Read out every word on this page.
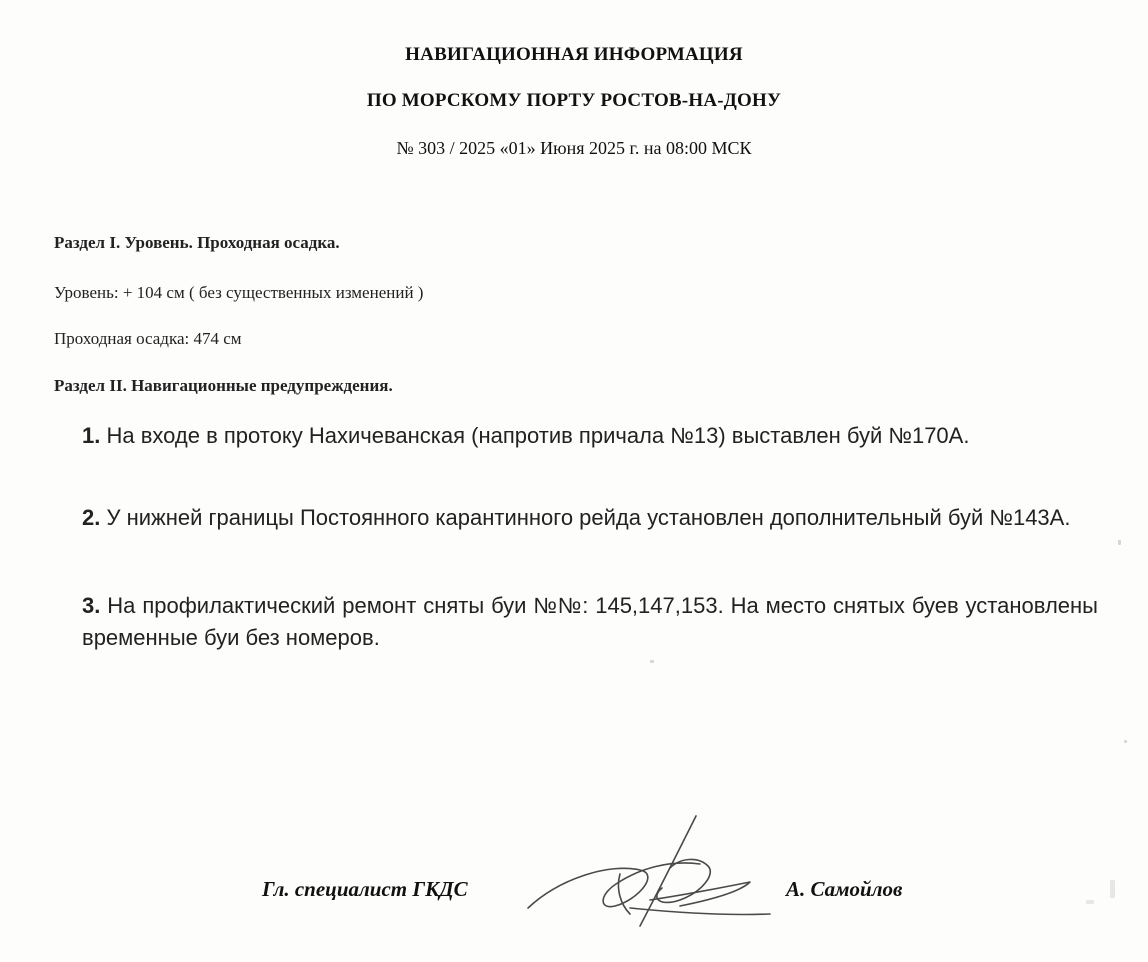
НАВИГАЦИОННАЯ ИНФОРМАЦИЯ
ПО МОРСКОМУ ПОРТУ РОСТОВ-НА-ДОНУ
№ 303 / 2025 «01» Июня 2025 г. на 08:00 МСК
Раздел I. Уровень. Проходная осадка.
Уровень: + 104 см ( без существенных изменений )
Проходная осадка: 474 см
Раздел II. Навигационные предупреждения.
1. На входе в протоку Нахичеванская (напротив причала №13) выставлен буй №170А.
2. У нижней границы Постоянного карантинного рейда установлен дополнительный буй №143А.
3. На профилактический ремонт сняты буи №№: 145,147,153. На место снятых буев установлены временные буи без номеров.
Гл. специалист ГКДС	А. Самойлов
